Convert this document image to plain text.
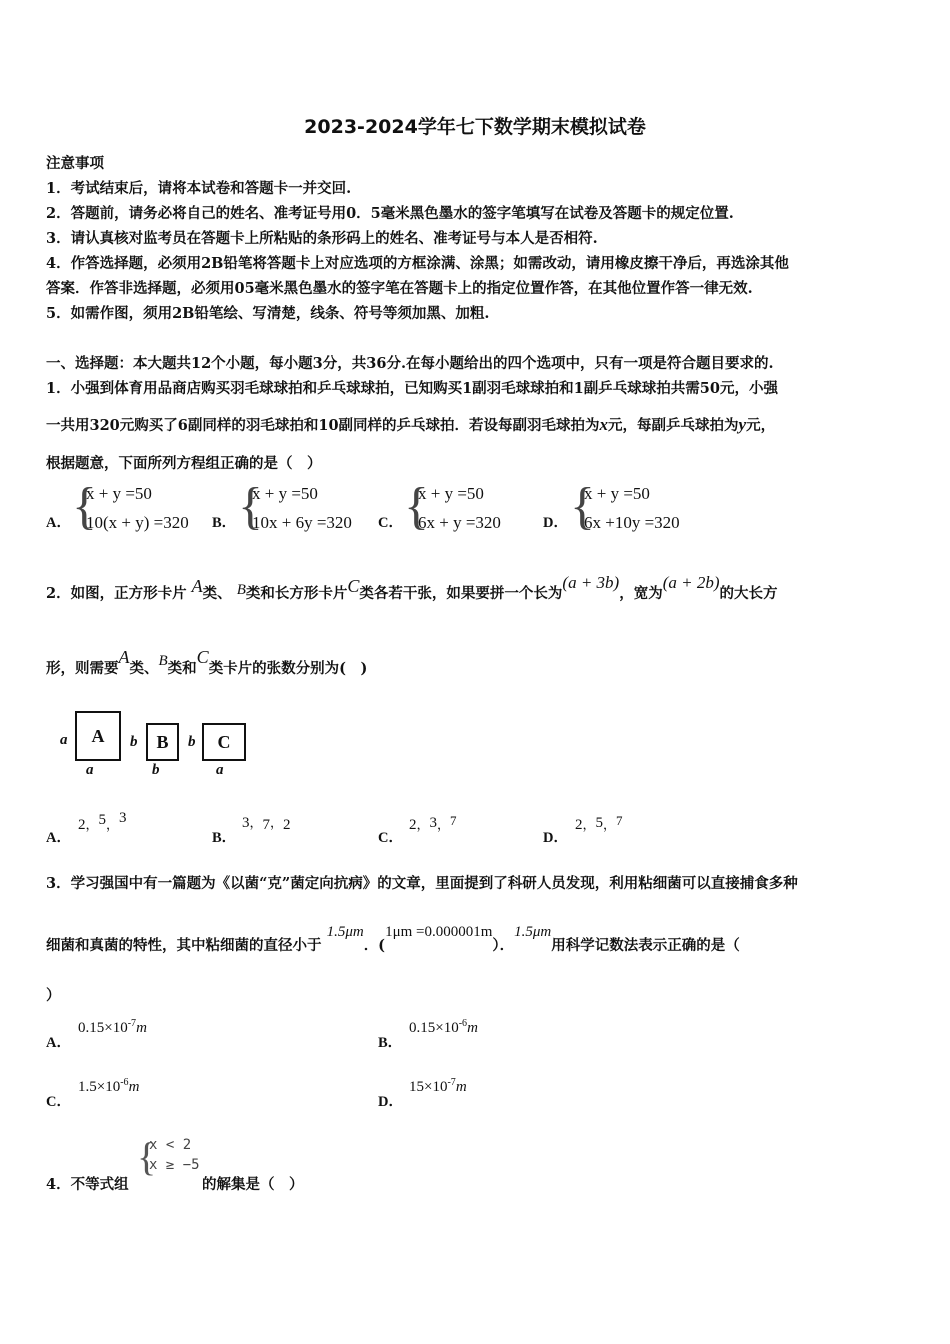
2023-2024学年七下数学期末模拟试卷
注意事项
1．考试结束后，请将本试卷和答题卡一并交回.
2．答题前，请务必将自己的姓名、准考证号用0．5毫米黑色墨水的签字笔填写在试卷及答题卡的规定位置.
3．请认真核对监考员在答题卡上所粘贴的条形码上的姓名、准考证号与本人是否相符.
4．作答选择题，必须用2B铅笔将答题卡上对应选项的方框涂满、涂黑；如需改动，请用橡皮擦干净后，再选涂其他
答案．作答非选择题，必须用05毫米黑色墨水的签字笔在答题卡上的指定位置作答，在其他位置作答一律无效.
5．如需作图，须用2B铅笔绘、写清楚，线条、符号等须加黑、加粗.
一、选择题：本大题共12个小题，每小题3分，共36分.在每小题给出的四个选项中，只有一项是符合题目要求的.
1．小强到体育用品商店购买羽毛球球拍和乒乓球球拍，已知购买1副羽毛球球拍和1副乒乓球球拍共需50元，小强
一共用320元购买了6副同样的羽毛球拍和10副同样的乒乓球拍．若设每副羽毛球拍为x元，每副乒乓球拍为y元，
根据题意，下面所列方程组正确的是（　）
A． {
x + y =50
10(x + y) =320 B． {
x + y =50
10x + 6y =320 C． {
x + y =50
6x + y =320	D． {
x + y =50
6x +10y =320
2．如图，正方形卡片 A类、 B类和长方形卡片C类各若干张，如果要拼一个长为(a + 3b)，宽为(a + 2b)的大长方
形，则需要A类、B类和C类卡片的张数分别为(　)
a	A
a
b	B
b
b	C
a
A．
2，5，3
B．
3，7，2
C．
2，3，7
D．
2，5，7
3．学习强国中有一篇题为《以菌“克”菌定向抗病》的文章，里面提到了科研人员发现，利用粘细菌可以直接捕食多种
细菌和真菌的特性，其中粘细菌的直径小于 1.5μm．(1μm =0.000001m）．1.5μm用科学记数法表示正确的是（
）
A．
$0.15\times 10^{-7}m$
B．
$0.15\times 10^{-6}m$
C．
$1.5\times 10^{-6}m$
D．
$15\times 10^{-7}m$
4．不等式组
{
x < 2
x ≥ −5
的解集是（　）
